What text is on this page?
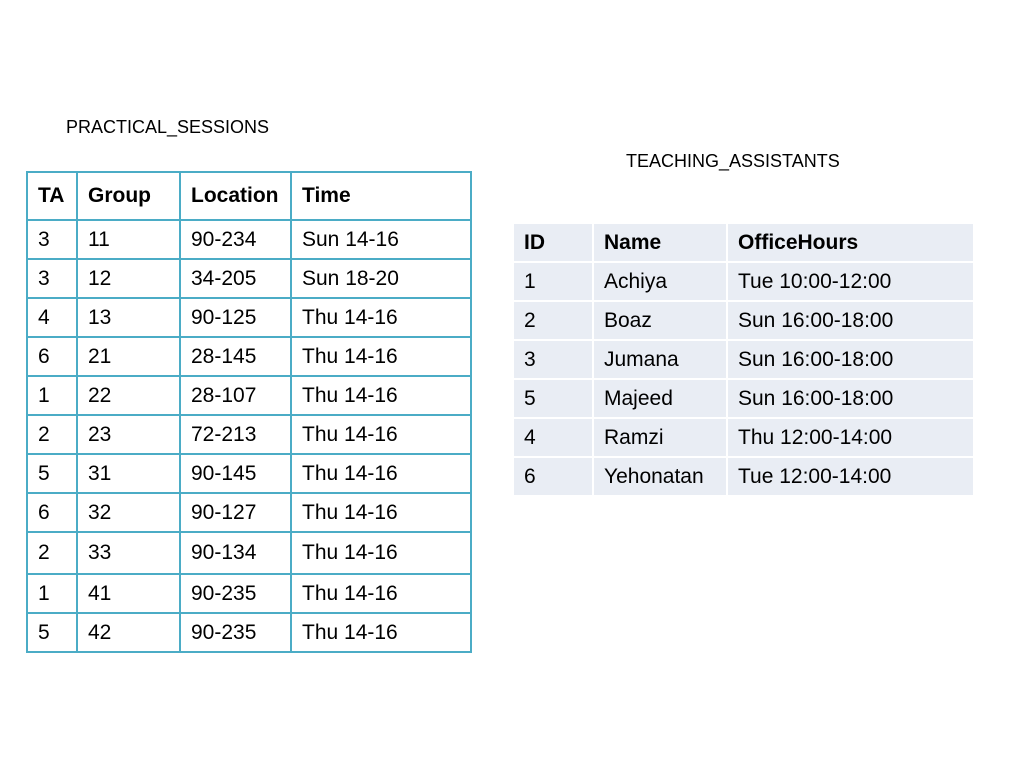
PRACTICAL_SESSIONS
TA	Group	Location	Time
3	11	90-234	Sun 14-16
3	12	34-205	Sun 18-20
4	13	90-125	Thu 14-16
6	21	28-145	Thu 14-16
1	22	28-107	Thu 14-16
2	23	72-213	Thu 14-16
5	31	90-145	Thu 14-16
6	32	90-127	Thu 14-16
2	33	90-134	Thu 14-16
1	41	90-235	Thu 14-16
5	42	90-235	Thu 14-16
TEACHING_ASSISTANTS
ID	Name	OfficeHours
1	Achiya	Tue 10:00-12:00
2	Boaz	Sun 16:00-18:00
3	Jumana	Sun 16:00-18:00
5	Majeed	Sun 16:00-18:00
4	Ramzi	Thu 12:00-14:00
6	Yehonatan	Tue 12:00-14:00
